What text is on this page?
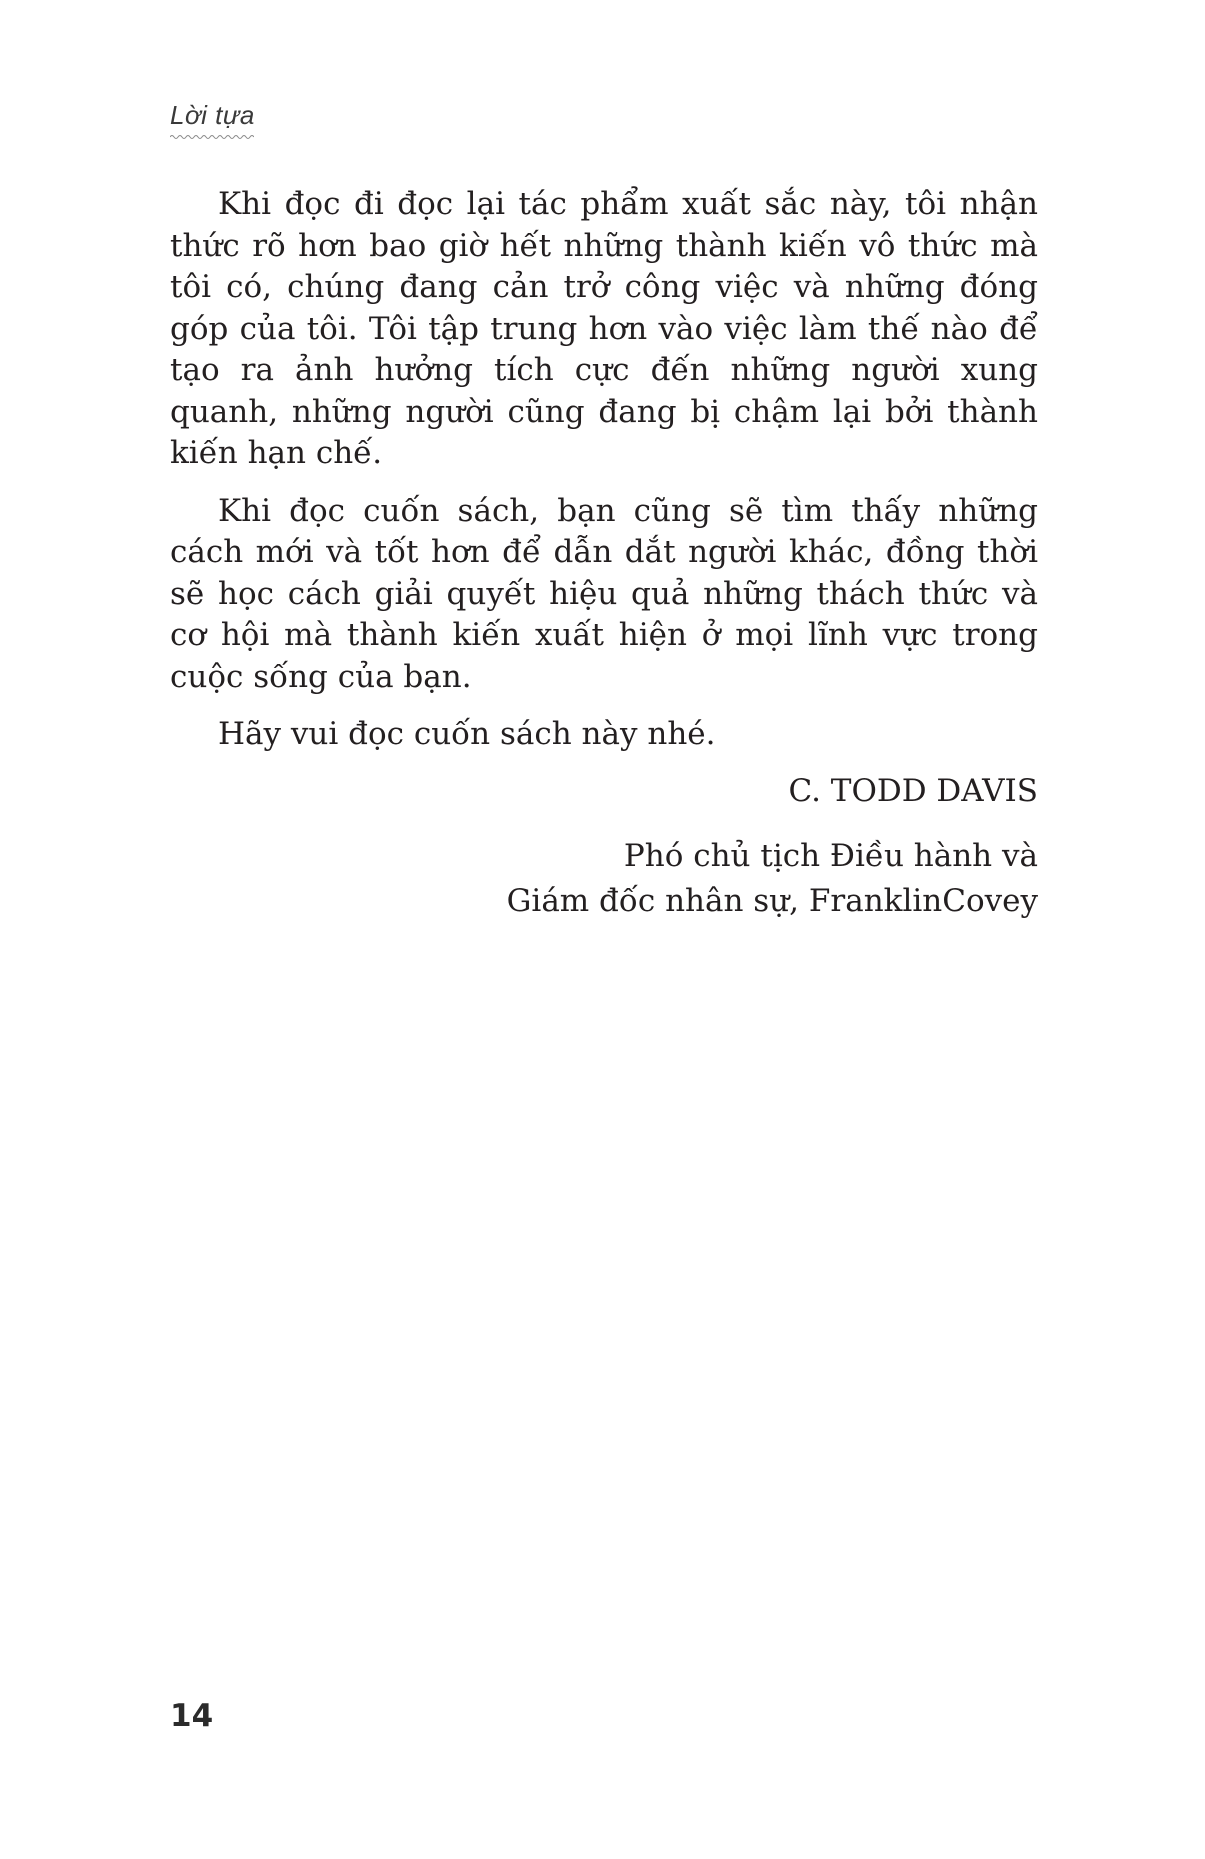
Lời tựa

Khi đọc đi đọc lại tác phẩm xuất sắc này, tôi nhận thức rõ hơn bao giờ hết những thành kiến vô thức mà tôi có, chúng đang cản trở công việc và những đóng góp của tôi. Tôi tập trung hơn vào việc làm thế nào để tạo ra ảnh hưởng tích cực đến những người xung quanh, những người cũng đang bị chậm lại bởi thành kiến hạn chế.

Khi đọc cuốn sách, bạn cũng sẽ tìm thấy những cách mới và tốt hơn để dẫn dắt người khác, đồng thời sẽ học cách giải quyết hiệu quả những thách thức và cơ hội mà thành kiến xuất hiện ở mọi lĩnh vực trong cuộc sống của bạn.

Hãy vui đọc cuốn sách này nhé.

C. TODD DAVIS
Phó chủ tịch Điều hành và
Giám đốc nhân sự, FranklinCovey
14
